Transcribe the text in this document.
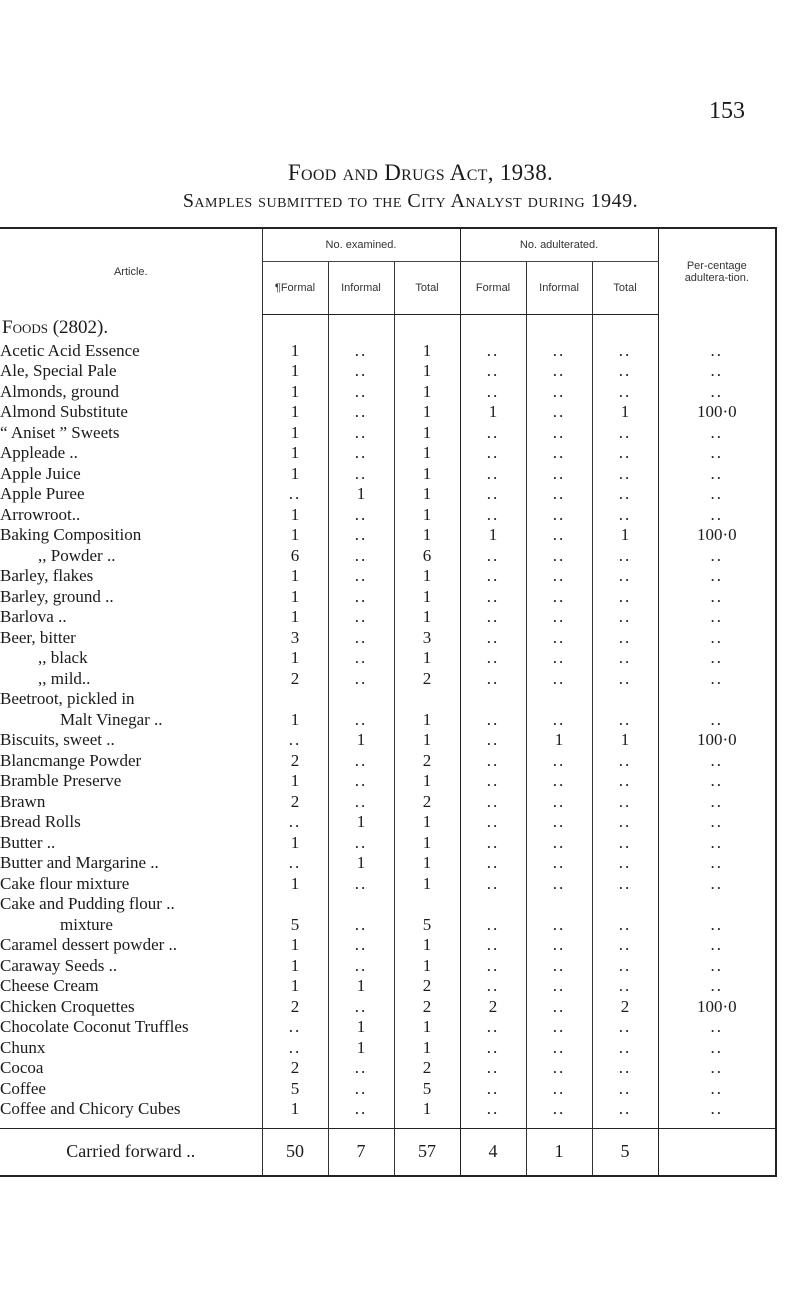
153
Food and Drugs Act, 1938.
Samples submitted to the City Analyst during 1949.
Article.	No. examined.			No. adulterated.			Per-centage adultera-tion.
	¶Formal	Informal	Total	Formal	Informal	Total	
Foods (2802).							
Acetic Acid Essence	1	..	1	..	..	..	..
Ale, Special Pale	1	..	1	..	..	..	..
Almonds, ground	1	..	1	..	..	..	..
Almond Substitute	1	..	1	1	..	1	100·0
“ Aniset ” Sweets	1	..	1	..	..	..	..
Appleade ..	1	..	1	..	..	..	..
Apple Juice	1	..	1	..	..	..	..
Apple Puree	..	1	1	..	..	..	..
Arrowroot..	1	..	1	..	..	..	..
Baking Composition	1	..	1	1	..	1	100·0
,, Powder ..	6	..	6	..	..	..	..
Barley, flakes	1	..	1	..	..	..	..
Barley, ground ..	1	..	1	..	..	..	..
Barlova ..	1	..	1	..	..	..	..
Beer, bitter	3	..	3	..	..	..	..
,, black	1	..	1	..	..	..	..
,, mild..	2	..	2	..	..	..	..
Beetroot, pickled in							
Malt Vinegar ..	1	..	1	..	..	..	..
Biscuits, sweet ..	..	1	1	..	1	1	100·0
Blancmange Powder	2	..	2	..	..	..	..
Bramble Preserve	1	..	1	..	..	..	..
Brawn	2	..	2	..	..	..	..
Bread Rolls	..	1	1	..	..	..	..
Butter ..	1	..	1	..	..	..	..
Butter and Margarine ..	..	1	1	..	..	..	..
Cake flour mixture	1	..	1	..	..	..	..
Cake and Pudding flour ..							
mixture	5	..	5	..	..	..	..
Caramel dessert powder ..	1	..	1	..	..	..	..
Caraway Seeds ..	1	..	1	..	..	..	..
Cheese Cream	1	1	2	..	..	..	..
Chicken Croquettes	2	..	2	2	..	2	100·0
Chocolate Coconut Truffles	..	1	1	..	..	..	..
Chunx	..	1	1	..	..	..	..
Cocoa	2	..	2	..	..	..	..
Coffee	5	..	5	..	..	..	..
Coffee and Chicory Cubes	1	..	1	..	..	..	..

Carried forward ..	50	7	57	4	1	5	
